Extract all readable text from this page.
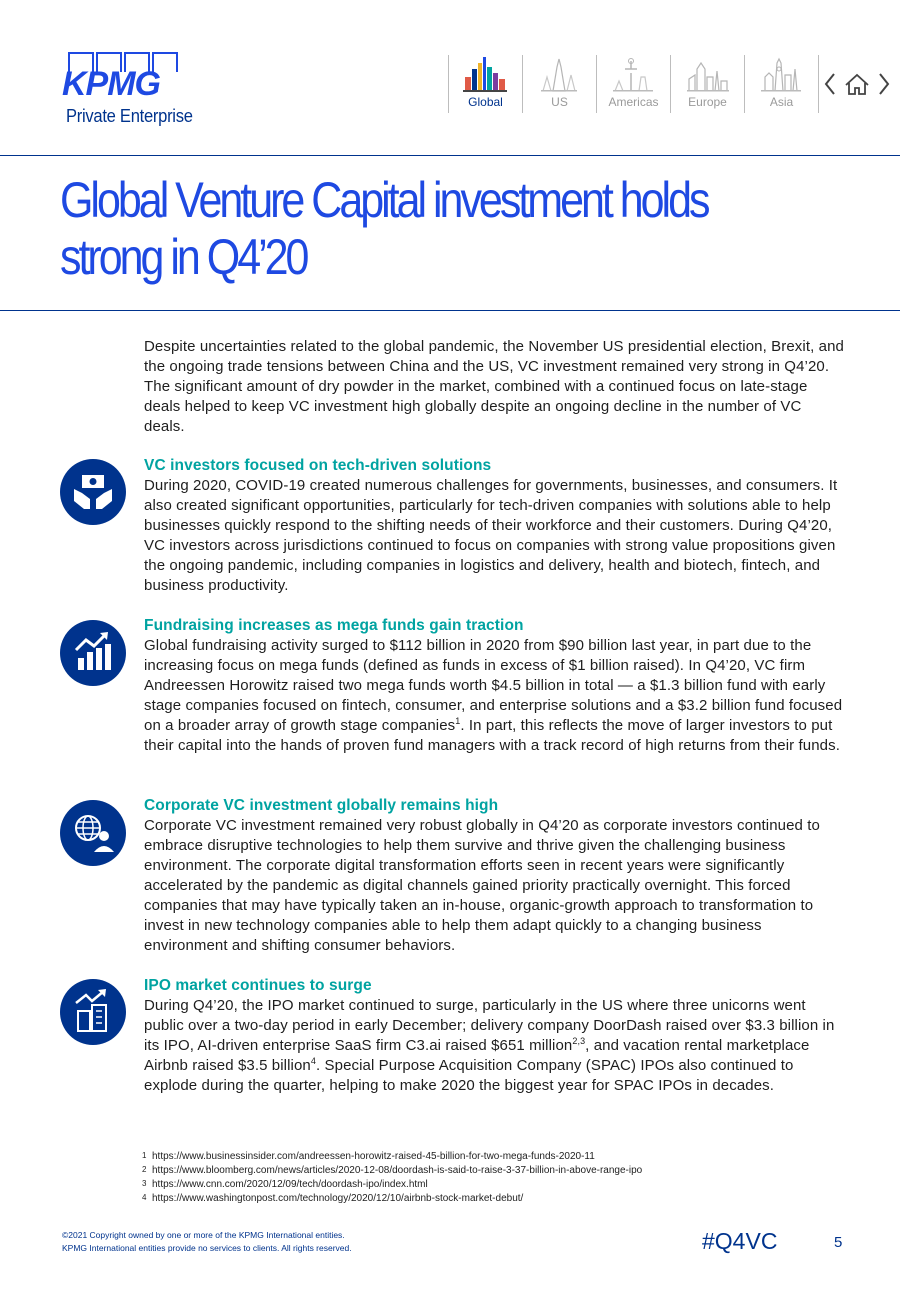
KPMG
Private Enterprise
Global	US	Americas	Europe	Asia
Global Venture Capital investment holds strong in Q4’20

Despite uncertainties related to the global pandemic, the November US presidential election, Brexit, and the ongoing trade tensions between China and the US, VC investment remained very strong in Q4’20. The significant amount of dry powder in the market, combined with a continued focus on late-stage deals helped to keep VC investment high globally despite an ongoing decline in the number of VC deals.

VC investors focused on tech-driven solutions

During 2020, COVID-19 created numerous challenges for governments, businesses, and consumers. It also created significant opportunities, particularly for tech-driven companies with solutions able to help businesses quickly respond to the shifting needs of their workforce and their customers. During Q4’20, VC investors across jurisdictions continued to focus on companies with strong value propositions given the ongoing pandemic, including companies in logistics and delivery, health and biotech, fintech, and business productivity.

Fundraising increases as mega funds gain traction

Global fundraising activity surged to $112 billion in 2020 from $90 billion last year, in part due to the increasing focus on mega funds (defined as funds in excess of $1 billion raised). In Q4’20, VC firm Andreessen Horowitz raised two mega funds worth $4.5 billion in total — a $1.3 billion fund with early stage companies focused on fintech, consumer, and enterprise solutions and a $3.2 billion fund focused on a broader array of growth stage companies$^1$. In part, this reflects the move of larger investors to put their capital into the hands of proven fund managers with a track record of high returns from their funds.

Corporate VC investment globally remains high

Corporate VC investment remained very robust globally in Q4’20 as corporate investors continued to embrace disruptive technologies to help them survive and thrive given the challenging business environment. The corporate digital transformation efforts seen in recent years were significantly accelerated by the pandemic as digital channels gained priority practically overnight. This forced companies that may have typically taken an in-house, organic-growth approach to transformation to invest in new technology companies able to help them adapt quickly to a changing business environment and shifting consumer behaviors.

IPO market continues to surge

During Q4’20, the IPO market continued to surge, particularly in the US where three unicorns went public over a two-day period in early December; delivery company DoorDash raised over $3.3 billion in its IPO, AI-driven enterprise SaaS firm C3.ai raised $651 million$^{2,3}$, and vacation rental marketplace Airbnb raised $3.5 billion$^4$. Special Purpose Acquisition Company (SPAC) IPOs also continued to explode during the quarter, helping to make 2020 the biggest year for SPAC IPOs in decades.

1 https://www.businessinsider.com/andreessen-horowitz-raised-45-billion-for-two-mega-funds-2020-11
2 https://www.bloomberg.com/news/articles/2020-12-08/doordash-is-said-to-raise-3-37-billion-in-above-range-ipo
3 https://www.cnn.com/2020/12/09/tech/doordash-ipo/index.html
4 https://www.washingtonpost.com/technology/2020/12/10/airbnb-stock-market-debut/
©2021 Copyright owned by one or more of the KPMG International entities.
KPMG International entities provide no services to clients. All rights reserved.	#Q4VC	5
